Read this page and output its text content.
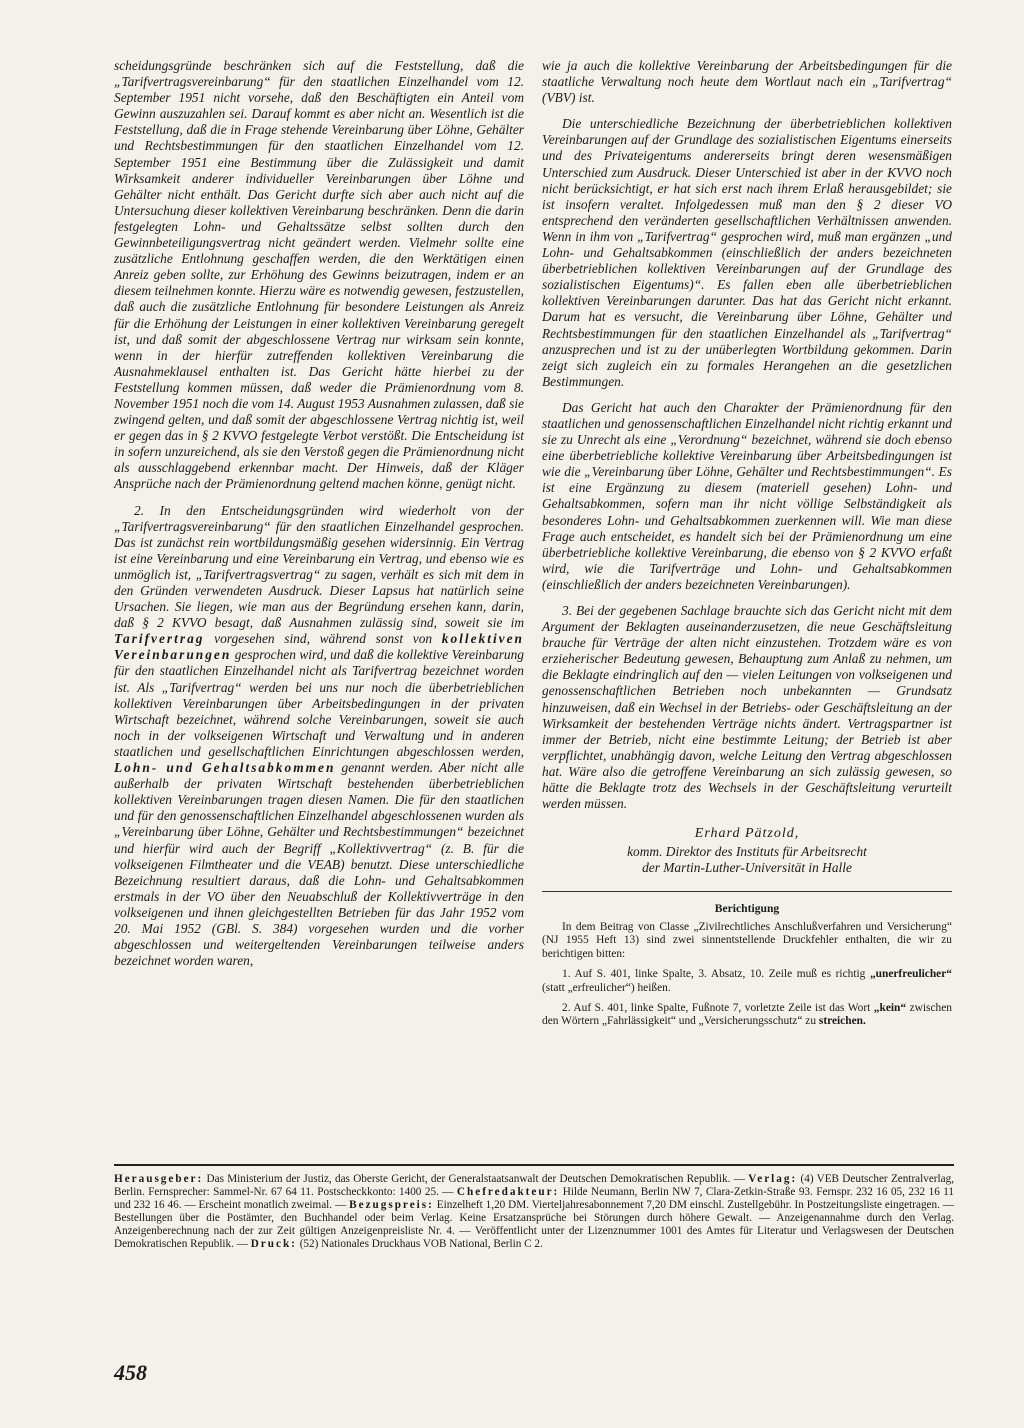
scheidungsgründe beschränken sich auf die Feststellung, daß die „Tarifvertragsvereinbarung“ für den staatlichen Einzelhandel vom 12. September 1951 nicht vorsehe, daß den Beschäftigten ein Anteil vom Gewinn auszuzahlen sei. Darauf kommt es aber nicht an. Wesentlich ist die Feststellung, daß die in Frage stehende Vereinbarung über Löhne, Gehälter und Rechtsbestimmungen für den staatlichen Einzelhandel vom 12. September 1951 eine Bestimmung über die Zulässigkeit und damit Wirksamkeit anderer individueller Vereinbarungen über Löhne und Gehälter nicht enthält. Das Gericht durfte sich aber auch nicht auf die Untersuchung dieser kollektiven Vereinbarung beschränken. Denn die darin festgelegten Lohn- und Gehaltssätze selbst sollten durch den Gewinnbeteiligungsvertrag nicht geändert werden. Vielmehr sollte eine zusätzliche Entlohnung geschaffen werden, die den Werktätigen einen Anreiz geben sollte, zur Erhöhung des Gewinns beizutragen, indem er an diesem teilnehmen konnte. Hierzu wäre es notwendig gewesen, festzustellen, daß auch die zusätzliche Entlohnung für besondere Leistungen als Anreiz für die Erhöhung der Leistungen in einer kollektiven Vereinbarung geregelt ist, und daß somit der abgeschlossene Vertrag nur wirksam sein konnte, wenn in der hierfür zutreffenden kollektiven Vereinbarung die Ausnahmeklausel enthalten ist. Das Gericht hätte hierbei zu der Feststellung kommen müssen, daß weder die Prämienordnung vom 8. November 1951 noch die vom 14. August 1953 Ausnahmen zulassen, daß sie zwingend gelten, und daß somit der abgeschlossene Vertrag nichtig ist, weil er gegen das in § 2 KVVO festgelegte Verbot verstößt. Die Entscheidung ist in sofern unzureichend, als sie den Verstoß gegen die Prämienordnung nicht als ausschlaggebend erkennbar macht. Der Hinweis, daß der Kläger Ansprüche nach der Prämienordnung geltend machen könne, genügt nicht.

2. In den Entscheidungsgründen wird wiederholt von der „Tarifvertragsvereinbarung“ für den staatlichen Einzelhandel gesprochen. Das ist zunächst rein wortbildungsmäßig gesehen widersinnig. Ein Vertrag ist eine Vereinbarung und eine Vereinbarung ein Vertrag, und ebenso wie es unmöglich ist, „Tarifvertragsvertrag“ zu sagen, verhält es sich mit dem in den Gründen verwendeten Ausdruck. Dieser Lapsus hat natürlich seine Ursachen. Sie liegen, wie man aus der Begründung ersehen kann, darin, daß § 2 KVVO besagt, daß Ausnahmen zulässig sind, soweit sie im Tarifvertrag vorgesehen sind, während sonst von kollektiven Vereinbarungen gesprochen wird, und daß die kollektive Vereinbarung für den staatlichen Einzelhandel nicht als Tarifvertrag bezeichnet worden ist. Als „Tarifvertrag“ werden bei uns nur noch die überbetrieblichen kollektiven Vereinbarungen über Arbeitsbedingungen in der privaten Wirtschaft bezeichnet, während solche Vereinbarungen, soweit sie auch noch in der volkseigenen Wirtschaft und Verwaltung und in anderen staatlichen und gesellschaftlichen Einrichtungen abgeschlossen werden, Lohn- und Gehaltsabkommen genannt werden. Aber nicht alle außerhalb der privaten Wirtschaft bestehenden überbetrieblichen kollektiven Vereinbarungen tragen diesen Namen. Die für den staatlichen und für den genossenschaftlichen Einzelhandel abgeschlossenen wurden als „Vereinbarung über Löhne, Gehälter und Rechtsbestimmungen“ bezeichnet und hierfür wird auch der Begriff „Kollektivvertrag“ (z. B. für die volkseigenen Filmtheater und die VEAB) benutzt. Diese unterschiedliche Bezeichnung resultiert daraus, daß die Lohn- und Gehaltsabkommen erstmals in der VO über den Neuabschluß der Kollektivverträge in den volkseigenen und ihnen gleichgestellten Betrieben für das Jahr 1952 vom 20. Mai 1952 (GBl. S. 384) vorgesehen wurden und die vorher abgeschlossen und weitergeltenden Vereinbarungen teilweise anders bezeichnet worden waren,

wie ja auch die kollektive Vereinbarung der Arbeitsbedingungen für die staatliche Verwaltung noch heute dem Wortlaut nach ein „Tarifvertrag“ (VBV) ist.

Die unterschiedliche Bezeichnung der überbetrieblichen kollektiven Vereinbarungen auf der Grundlage des sozialistischen Eigentums einerseits und des Privateigentums andererseits bringt deren wesensmäßigen Unterschied zum Ausdruck. Dieser Unterschied ist aber in der KVVO noch nicht berücksichtigt, er hat sich erst nach ihrem Erlaß herausgebildet; sie ist insofern veraltet. Infolgedessen muß man den § 2 dieser VO entsprechend den veränderten gesellschaftlichen Verhältnissen anwenden. Wenn in ihm von „Tarifvertrag“ gesprochen wird, muß man ergänzen „und Lohn- und Gehaltsabkommen (einschließlich der anders bezeichneten überbetrieblichen kollektiven Vereinbarungen auf der Grundlage des sozialistischen Eigentums)“. Es fallen eben alle überbetrieblichen kollektiven Vereinbarungen darunter. Das hat das Gericht nicht erkannt. Darum hat es versucht, die Vereinbarung über Löhne, Gehälter und Rechtsbestimmungen für den staatlichen Einzelhandel als „Tarifvertrag“ anzusprechen und ist zu der unüberlegten Wortbildung gekommen. Darin zeigt sich zugleich ein zu formales Herangehen an die gesetzlichen Bestimmungen.

Das Gericht hat auch den Charakter der Prämienordnung für den staatlichen und genossenschaftlichen Einzelhandel nicht richtig erkannt und sie zu Unrecht als eine „Verordnung“ bezeichnet, während sie doch ebenso eine überbetriebliche kollektive Vereinbarung über Arbeitsbedingungen ist wie die „Vereinbarung über Löhne, Gehälter und Rechtsbestimmungen“. Es ist eine Ergänzung zu diesem (materiell gesehen) Lohn- und Gehaltsabkommen, sofern man ihr nicht völlige Selbständigkeit als besonderes Lohn- und Gehaltsabkommen zuerkennen will. Wie man diese Frage auch entscheidet, es handelt sich bei der Prämienordnung um eine überbetriebliche kollektive Vereinbarung, die ebenso von § 2 KVVO erfaßt wird, wie die Tarifverträge und Lohn- und Gehaltsabkommen (einschließlich der anders bezeichneten Vereinbarungen).

3. Bei der gegebenen Sachlage brauchte sich das Gericht nicht mit dem Argument der Beklagten auseinanderzusetzen, die neue Geschäftsleitung brauche für Verträge der alten nicht einzustehen. Trotzdem wäre es von erzieherischer Bedeutung gewesen, Behauptung zum Anlaß zu nehmen, um die Beklagte eindringlich auf den — vielen Leitungen von volkseigenen und genossenschaftlichen Betrieben noch unbekannten — Grundsatz hinzuweisen, daß ein Wechsel in der Betriebs- oder Geschäftsleitung an der Wirksamkeit der bestehenden Verträge nichts ändert. Vertragspartner ist immer der Betrieb, nicht eine bestimmte Leitung; der Betrieb ist aber verpflichtet, unabhängig davon, welche Leitung den Vertrag abgeschlossen hat. Wäre also die getroffene Vereinbarung an sich zulässig gewesen, so hätte die Beklagte trotz des Wechsels in der Geschäftsleitung verurteilt werden müssen.

Erhard Pätzold,
komm. Direktor des Instituts für Arbeitsrecht
der Martin-Luther-Universität in Halle
Berichtigung

In dem Beitrag von Classe „Zivilrechtliches Anschlußverfahren und Versicherung“ (NJ 1955 Heft 13) sind zwei sinnentstellende Druckfehler enthalten, die wir zu berichtigen bitten:

1. Auf S. 401, linke Spalte, 3. Absatz, 10. Zeile muß es richtig „unerfreulicher“ (statt „erfreulicher“) heißen.

2. Auf S. 401, linke Spalte, Fußnote 7, vorletzte Zeile ist das Wort „kein“ zwischen den Wörtern „Fahrlässigkeit“ und „Versicherungsschutz“ zu streichen.

Herausgeber: Das Ministerium der Justiz, das Oberste Gericht, der Generalstaatsanwalt der Deutschen Demokratischen Republik. — Verlag: (4) VEB Deutscher Zentralverlag, Berlin. Fernsprecher: Sammel-Nr. 67 64 11. Postscheckkonto: 1400 25. — Chefredakteur: Hilde Neumann, Berlin NW 7, Clara-Zetkin-Straße 93. Fernspr. 232 16 05, 232 16 11 und 232 16 46. — Erscheint monatlich zweimal. — Bezugspreis: Einzelheft 1,20 DM. Vierteljahresabonnement 7,20 DM einschl. Zustellgebühr. In Postzeitungsliste eingetragen. — Bestellungen über die Postämter, den Buchhandel oder beim Verlag. Keine Ersatzansprüche bei Störungen durch höhere Gewalt. — Anzeigenannahme durch den Verlag. Anzeigenberechnung nach der zur Zeit gültigen Anzeigenpreisliste Nr. 4. — Veröffentlicht unter der Lizenznummer 1001 des Amtes für Literatur und Verlagswesen der Deutschen Demokratischen Republik. — Druck: (52) Nationales Druckhaus VOB National, Berlin C 2.
458
